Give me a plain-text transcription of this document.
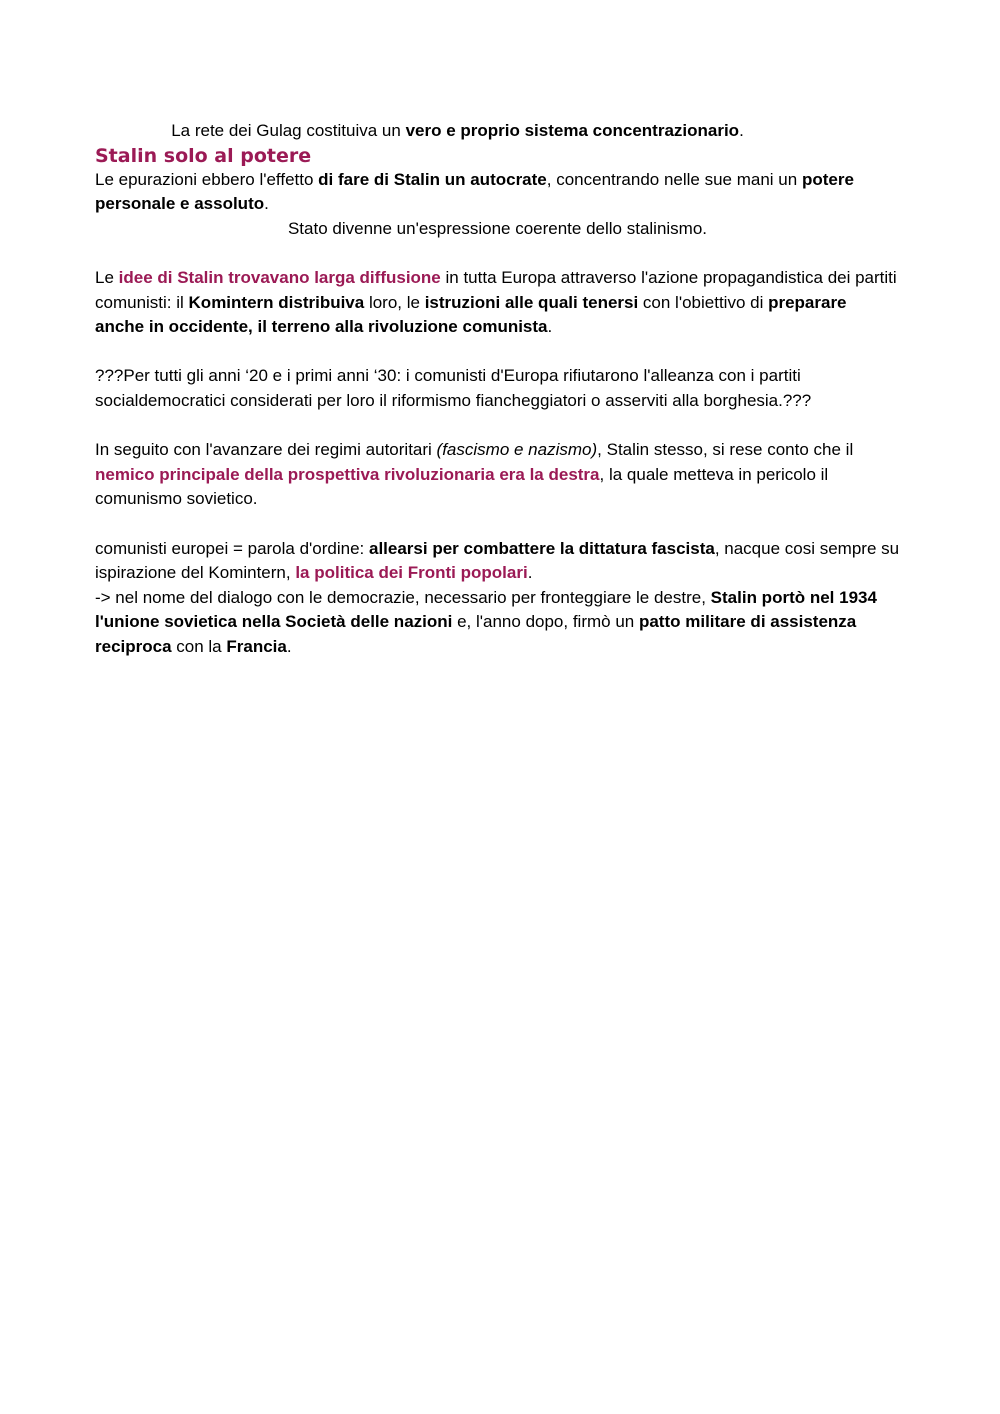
La rete dei Gulag costituiva un vero e proprio sistema concentrazionario.

Stalin solo al potere

Le epurazioni ebbero l'effetto di fare di Stalin un autocrate, concentrando nelle sue mani un potere personale e assoluto.

Stato divenne un'espressione coerente dello stalinismo.

Le idee di Stalin trovavano larga diffusione in tutta Europa attraverso l'azione propagandistica dei partiti comunisti: il Komintern distribuiva loro, le istruzioni alle quali tenersi con l'obiettivo di preparare anche in occidente, il terreno alla rivoluzione comunista.

???Per tutti gli anni ‘20 e i primi anni ‘30: i comunisti d'Europa rifiutarono l'alleanza con i partiti socialdemocratici considerati per loro il riformismo fiancheggiatori o asserviti alla borghesia.???

In seguito con l'avanzare dei regimi autoritari (fascismo e nazismo), Stalin stesso, si rese conto che il nemico principale della prospettiva rivoluzionaria era la destra, la quale metteva in pericolo il comunismo sovietico.

comunisti europei = parola d'ordine: allearsi per combattere la dittatura fascista, nacque cosi sempre su ispirazione del Komintern, la politica dei Fronti popolari.

-> nel nome del dialogo con le democrazie, necessario per fronteggiare le destre, Stalin portò nel 1934 l'unione sovietica nella Società delle nazioni e, l'anno dopo, firmò un patto militare di assistenza reciproca con la Francia.
